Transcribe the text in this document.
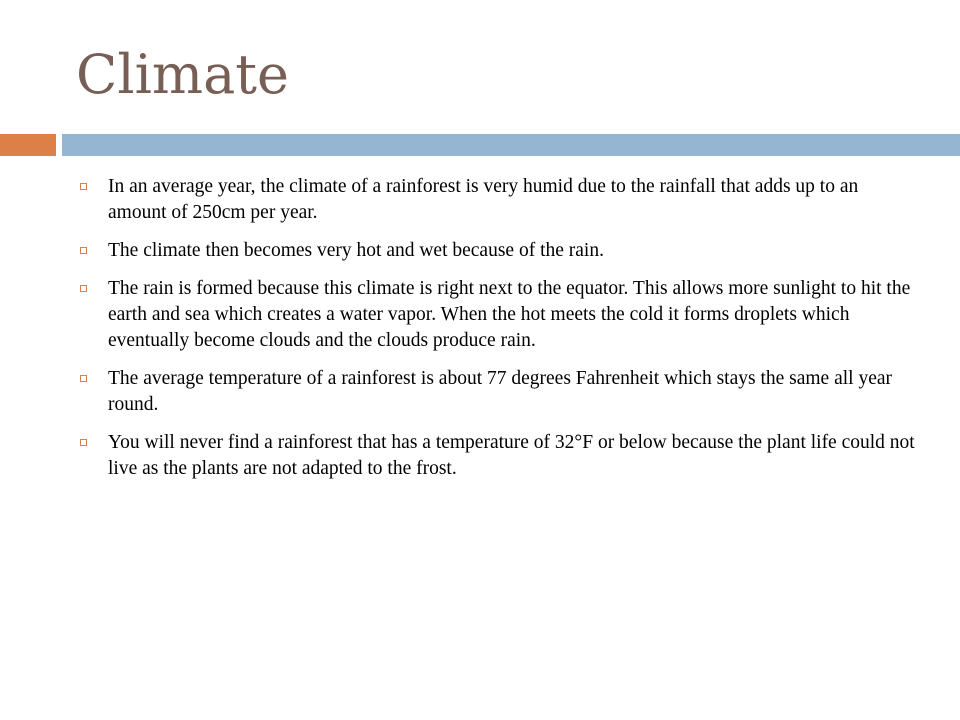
Climate
In an average year, the climate of a rainforest is very humid due to the rainfall that adds up to an amount of 250cm per year.
The climate then becomes very hot and wet because of the rain.
The rain is formed because this climate is right next to the equator. This allows more sunlight to hit the earth and sea which creates a water vapor. When the hot meets the cold it forms droplets which eventually become clouds and the clouds produce rain.
The average temperature of a rainforest is about 77 degrees Fahrenheit which stays the same all year round.
You will never find a rainforest that has a temperature of 32°F or below because the plant life could not live as the plants are not adapted to the frost.
